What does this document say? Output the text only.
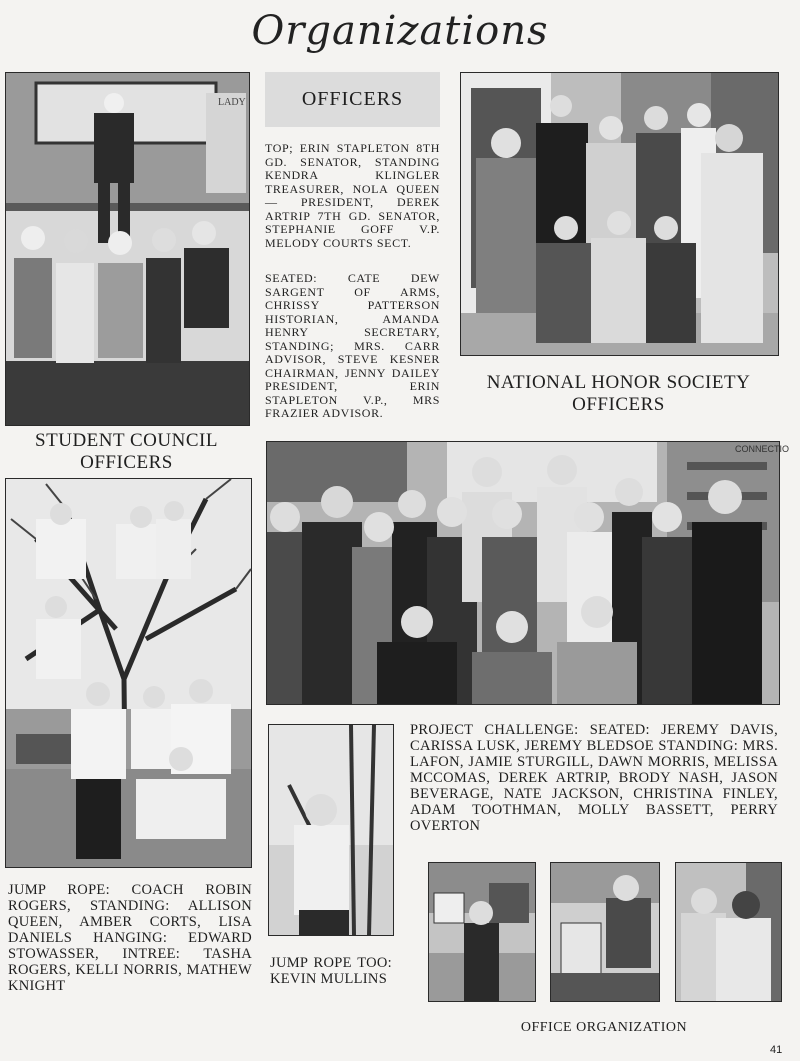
Organizations
LADY	OFFICERS
TOP; ERIN STAPLETON 8TH GD. SENATOR, STANDING KENDRA KLINGLER TREASURER, NOLA QUEEN — PRESIDENT, DEREK ARTRIP 7TH GD. SENATOR, STEPHANIE GOFF V.P. MELODY COURTS SECT.
SEATED: CATE DEW SARGENT OF ARMS, CHRISSY PATTERSON HISTORIAN, AMANDA HENRY SECRETARY, STANDING; MRS. CARR ADVISOR, STEVE KESNER CHAIRMAN, JENNY DAILEY PRESIDENT, ERIN STAPLETON V.P., MRS FRAZIER ADVISOR.
NATIONAL HONOR SOCIETY
OFFICERS
STUDENT COUNCIL
OFFICERS
CONNECTIO
PROJECT CHALLENGE: SEATED: JEREMY DAVIS, CARISSA LUSK, JEREMY BLEDSOE STANDING: MRS. LAFON, JAMIE STURGILL, DAWN MORRIS, MELISSA MCCOMAS, DEREK ARTRIP, BRODY NASH, JASON BEVERAGE, NATE JACKSON, CHRISTINA FINLEY, ADAM TOOTHMAN, MOLLY BASSETT, PERRY OVERTON
JUMP ROPE: COACH ROBIN ROGERS, STANDING: ALLISON QUEEN, AMBER CORTS, LISA DANIELS HANGING: EDWARD STOWASSER, INTREE: TASHA ROGERS, KELLI NORRIS, MATHEW KNIGHT
JUMP ROPE TOO: KEVIN MULLINS
OFFICE ORGANIZATION
41
